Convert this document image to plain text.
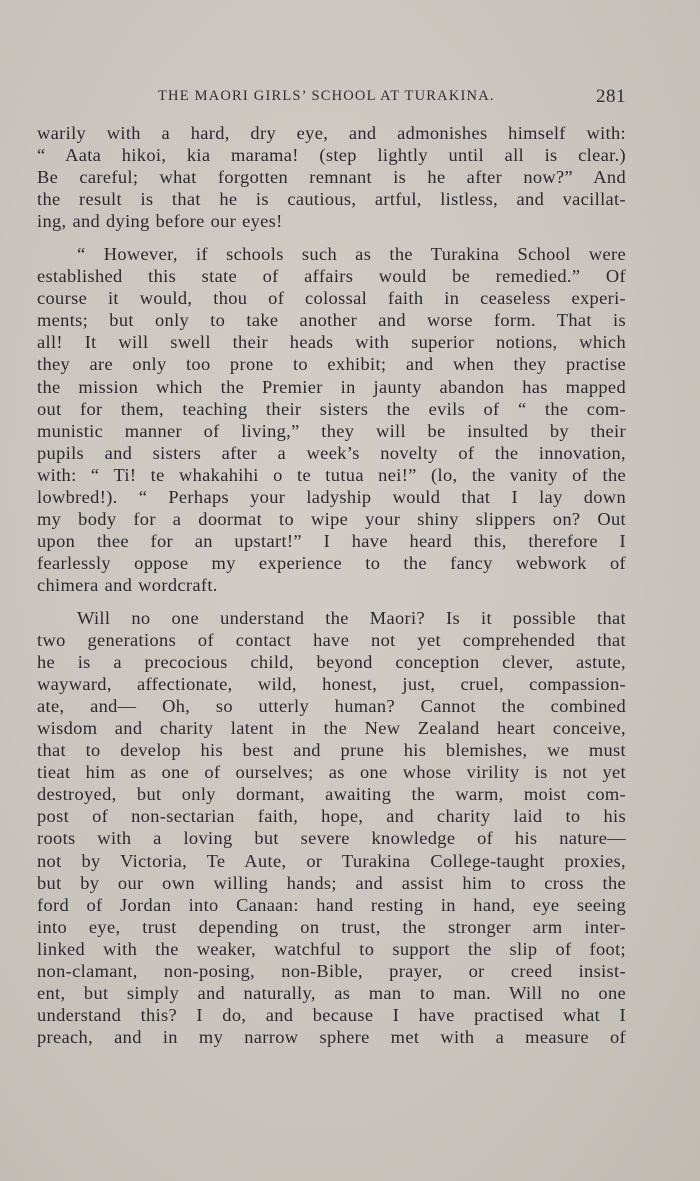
THE MAORI GIRLS’ SCHOOL AT TURAKINA.	281

warily with a hard, dry eye, and admonishes himself with:
“ Aata hikoi, kia marama! (step lightly until all is clear.)
Be careful; what forgotten remnant is he after now?” And
the result is that he is cautious, artful, listless, and vacillat-
ing, and dying before our eyes!

“ However, if schools such as the Turakina School were
established this state of affairs would be remedied.” Of
course it would, thou of colossal faith in ceaseless experi-
ments; but only to take another and worse form. That is
all! It will swell their heads with superior notions, which
they are only too prone to exhibit; and when they practise
the mission which the Premier in jaunty abandon has mapped
out for them, teaching their sisters the evils of “ the com-
munistic manner of living,” they will be insulted by their
pupils and sisters after a week’s novelty of the innovation,
with: “ Ti! te whakahihi o te tutua nei!” (lo, the vanity of the
lowbred!). “ Perhaps your ladyship would that I lay down
my body for a doormat to wipe your shiny slippers on? Out
upon thee for an upstart!” I have heard this, therefore I
fearlessly oppose my experience to the fancy webwork of
chimera and wordcraft.

Will no one understand the Maori? Is it possible that
two generations of contact have not yet comprehended that
he is a precocious child, beyond conception clever, astute,
wayward, affectionate, wild, honest, just, cruel, compassion-
ate, and— Oh, so utterly human? Cannot the combined
wisdom and charity latent in the New Zealand heart conceive,
that to develop his best and prune his blemishes, we must
tieat him as one of ourselves; as one whose virility is not yet
destroyed, but only dormant, awaiting the warm, moist com-
post of non-sectarian faith, hope, and charity laid to his
roots with a loving but severe knowledge of his nature—
not by Victoria, Te Aute, or Turakina College-taught proxies,
but by our own willing hands; and assist him to cross the
ford of Jordan into Canaan: hand resting in hand, eye seeing
into eye, trust depending on trust, the stronger arm inter-
linked with the weaker, watchful to support the slip of foot;
non-clamant, non-posing, non-Bible, prayer, or creed insist-
ent, but simply and naturally, as man to man. Will no one
understand this? I do, and because I have practised what I
preach, and in my narrow sphere met with a measure of
